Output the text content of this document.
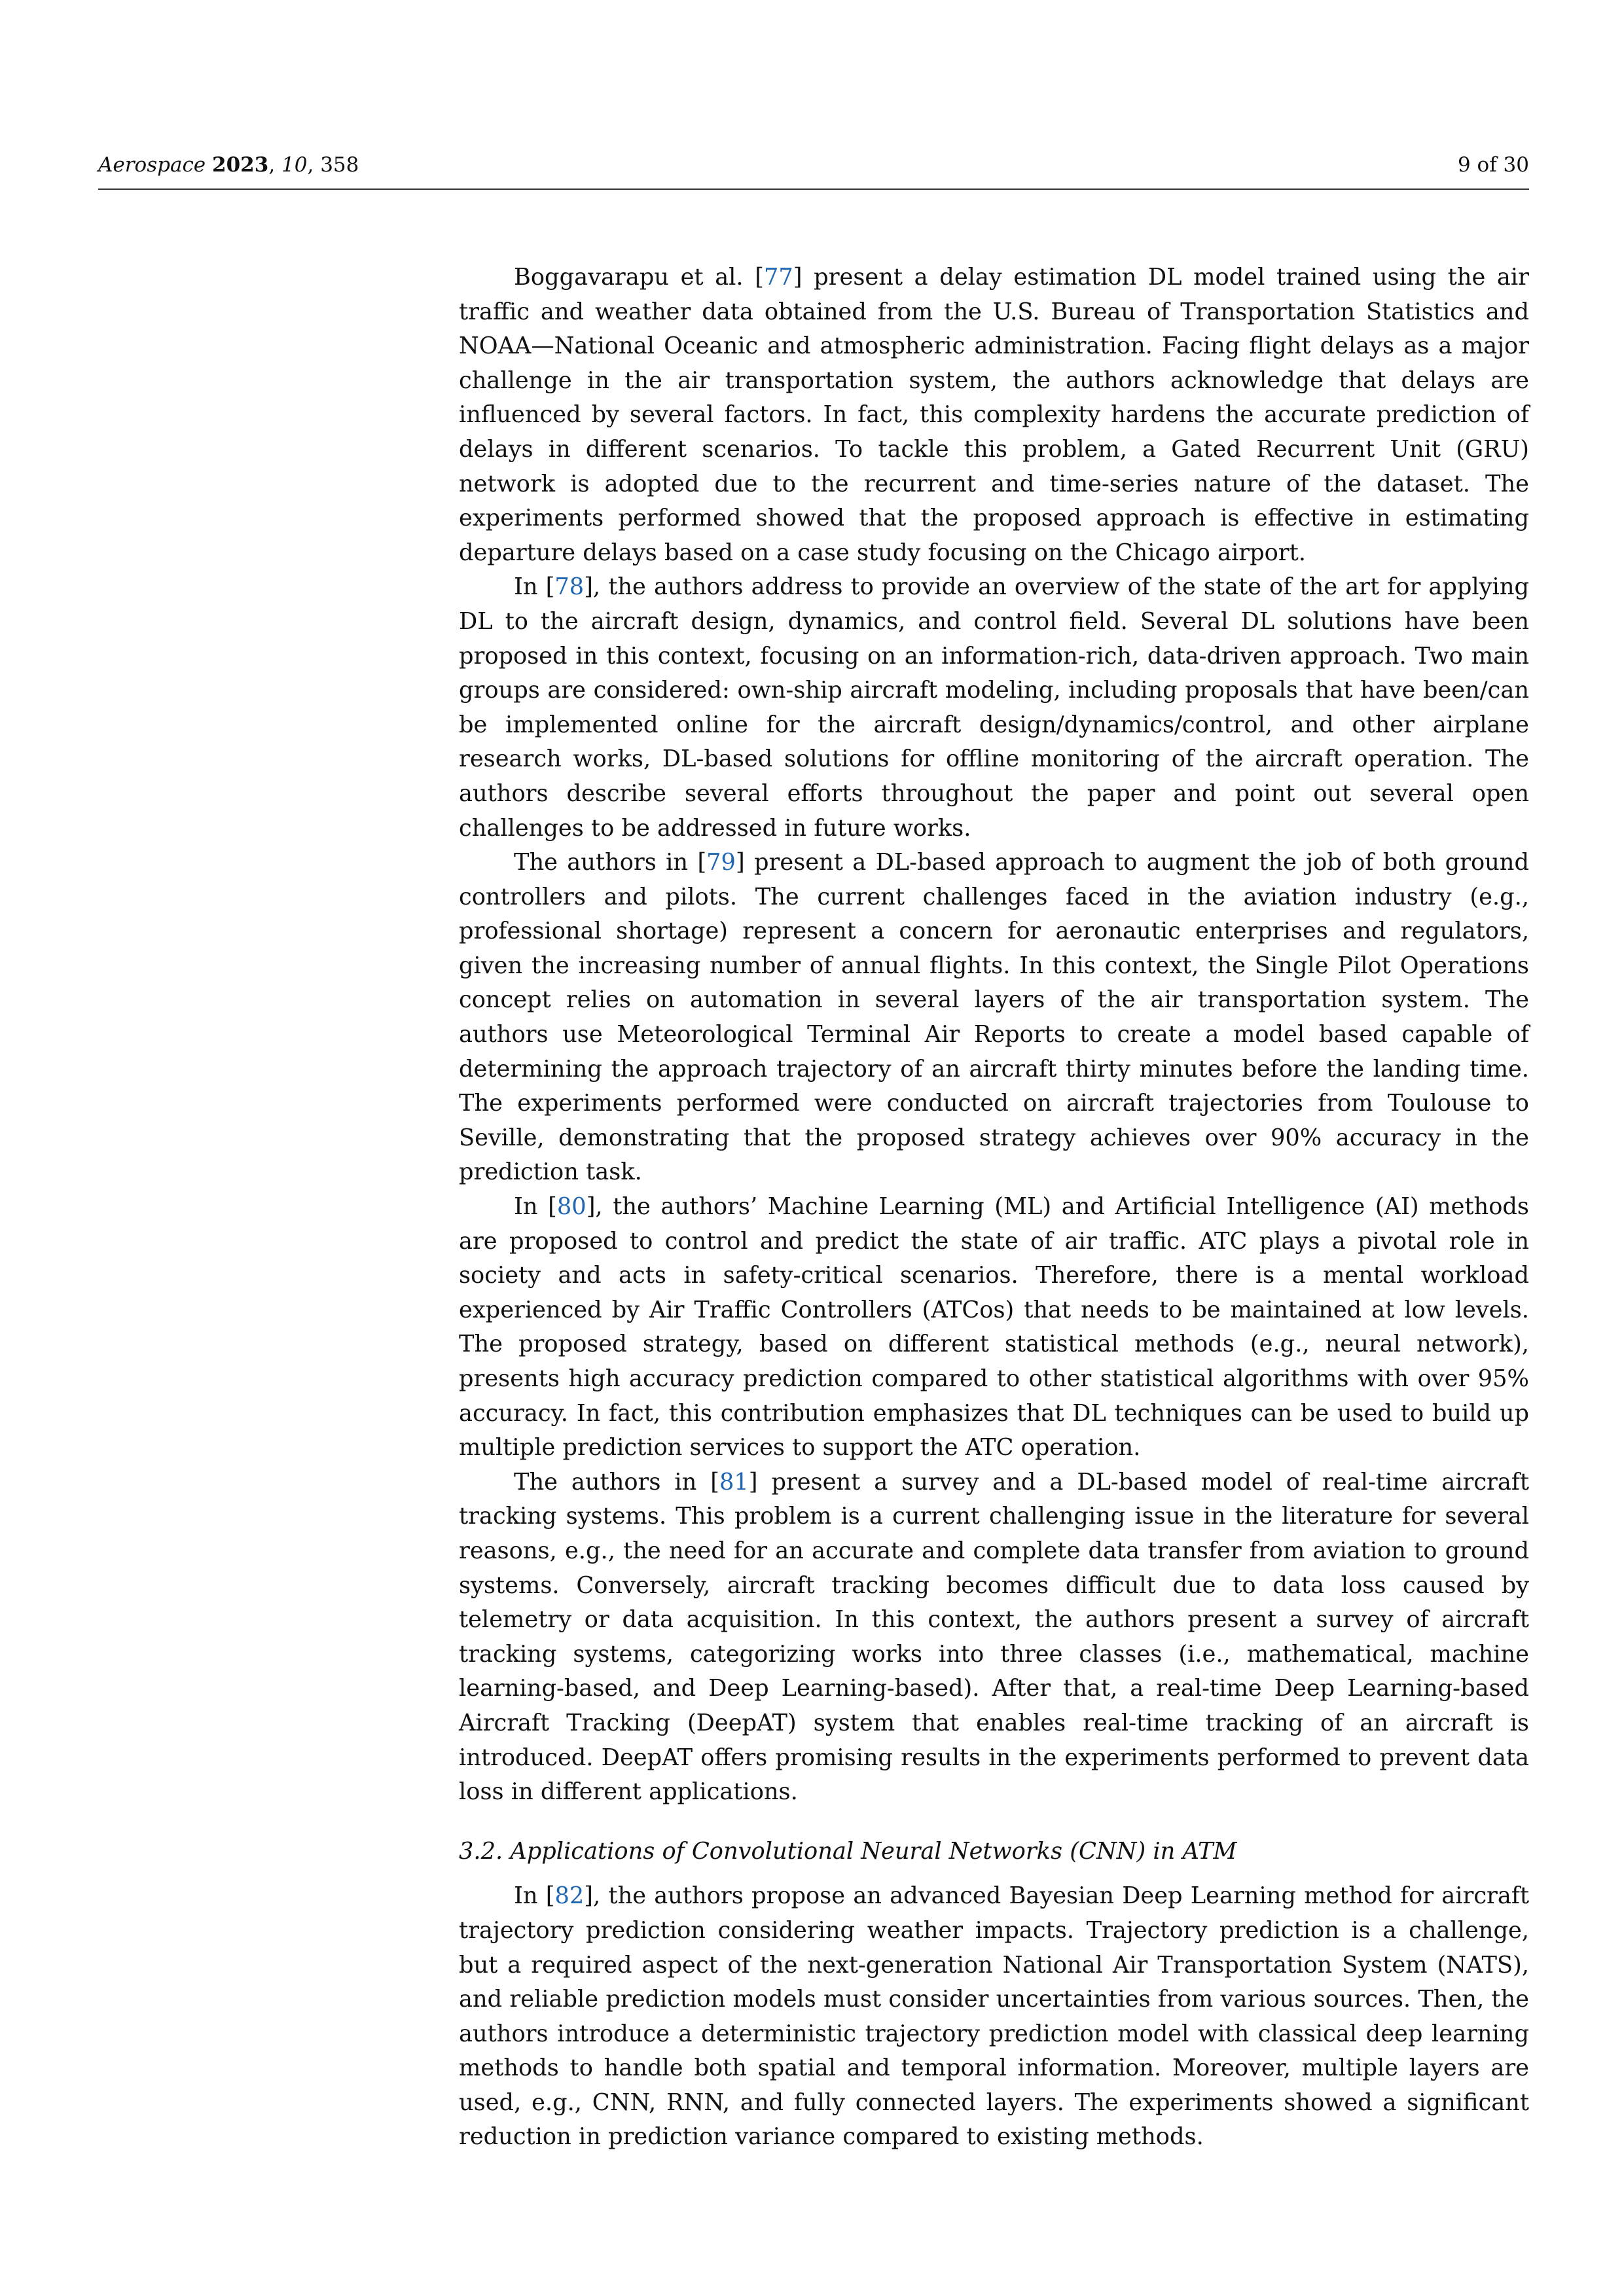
Aerospace 2023, 10, 358	9 of 30

Boggavarapu et al. [77] present a delay estimation DL model trained using the air traffic and weather data obtained from the U.S. Bureau of Transportation Statistics and NOAA—National Oceanic and atmospheric administration. Facing flight delays as a major challenge in the air transportation system, the authors acknowledge that delays are influenced by several factors. In fact, this complexity hardens the accurate prediction of delays in different scenarios. To tackle this problem, a Gated Recurrent Unit (GRU) network is adopted due to the recurrent and time-series nature of the dataset. The experiments performed showed that the proposed approach is effective in estimating departure delays based on a case study focusing on the Chicago airport.

In [78], the authors address to provide an overview of the state of the art for applying DL to the aircraft design, dynamics, and control field. Several DL solutions have been proposed in this context, focusing on an information-rich, data-driven approach. Two main groups are considered: own-ship aircraft modeling, including proposals that have been/can be implemented online for the aircraft design/dynamics/control, and other airplane research works, DL-based solutions for offline monitoring of the aircraft operation. The authors describe several efforts throughout the paper and point out several open challenges to be addressed in future works.

The authors in [79] present a DL-based approach to augment the job of both ground controllers and pilots. The current challenges faced in the aviation industry (e.g., professional shortage) represent a concern for aeronautic enterprises and regulators, given the increasing number of annual flights. In this context, the Single Pilot Operations concept relies on automation in several layers of the air transportation system. The authors use Meteorological Terminal Air Reports to create a model based capable of determining the approach trajectory of an aircraft thirty minutes before the landing time. The experiments performed were conducted on aircraft trajectories from Toulouse to Seville, demonstrating that the proposed strategy achieves over 90% accuracy in the prediction task.

In [80], the authors’ Machine Learning (ML) and Artificial Intelligence (AI) methods are proposed to control and predict the state of air traffic. ATC plays a pivotal role in society and acts in safety-critical scenarios. Therefore, there is a mental workload experienced by Air Traffic Controllers (ATCos) that needs to be maintained at low levels. The proposed strategy, based on different statistical methods (e.g., neural network), presents high accuracy prediction compared to other statistical algorithms with over 95% accuracy. In fact, this contribution emphasizes that DL techniques can be used to build up multiple prediction services to support the ATC operation.

The authors in [81] present a survey and a DL-based model of real-time aircraft tracking systems. This problem is a current challenging issue in the literature for several reasons, e.g., the need for an accurate and complete data transfer from aviation to ground systems. Conversely, aircraft tracking becomes difficult due to data loss caused by telemetry or data acquisition. In this context, the authors present a survey of aircraft tracking systems, categorizing works into three classes (i.e., mathematical, machine learning-based, and Deep Learning-based). After that, a real-time Deep Learning-based Aircraft Tracking (DeepAT) system that enables real-time tracking of an aircraft is introduced. DeepAT offers promising results in the experiments performed to prevent data loss in different applications.

3.2. Applications of Convolutional Neural Networks (CNN) in ATM

In [82], the authors propose an advanced Bayesian Deep Learning method for aircraft trajectory prediction considering weather impacts. Trajectory prediction is a challenge, but a required aspect of the next-generation National Air Transportation System (NATS), and reliable prediction models must consider uncertainties from various sources. Then, the authors introduce a deterministic trajectory prediction model with classical deep learning methods to handle both spatial and temporal information. Moreover, multiple layers are used, e.g., CNN, RNN, and fully connected layers. The experiments showed a significant reduction in prediction variance compared to existing methods.
